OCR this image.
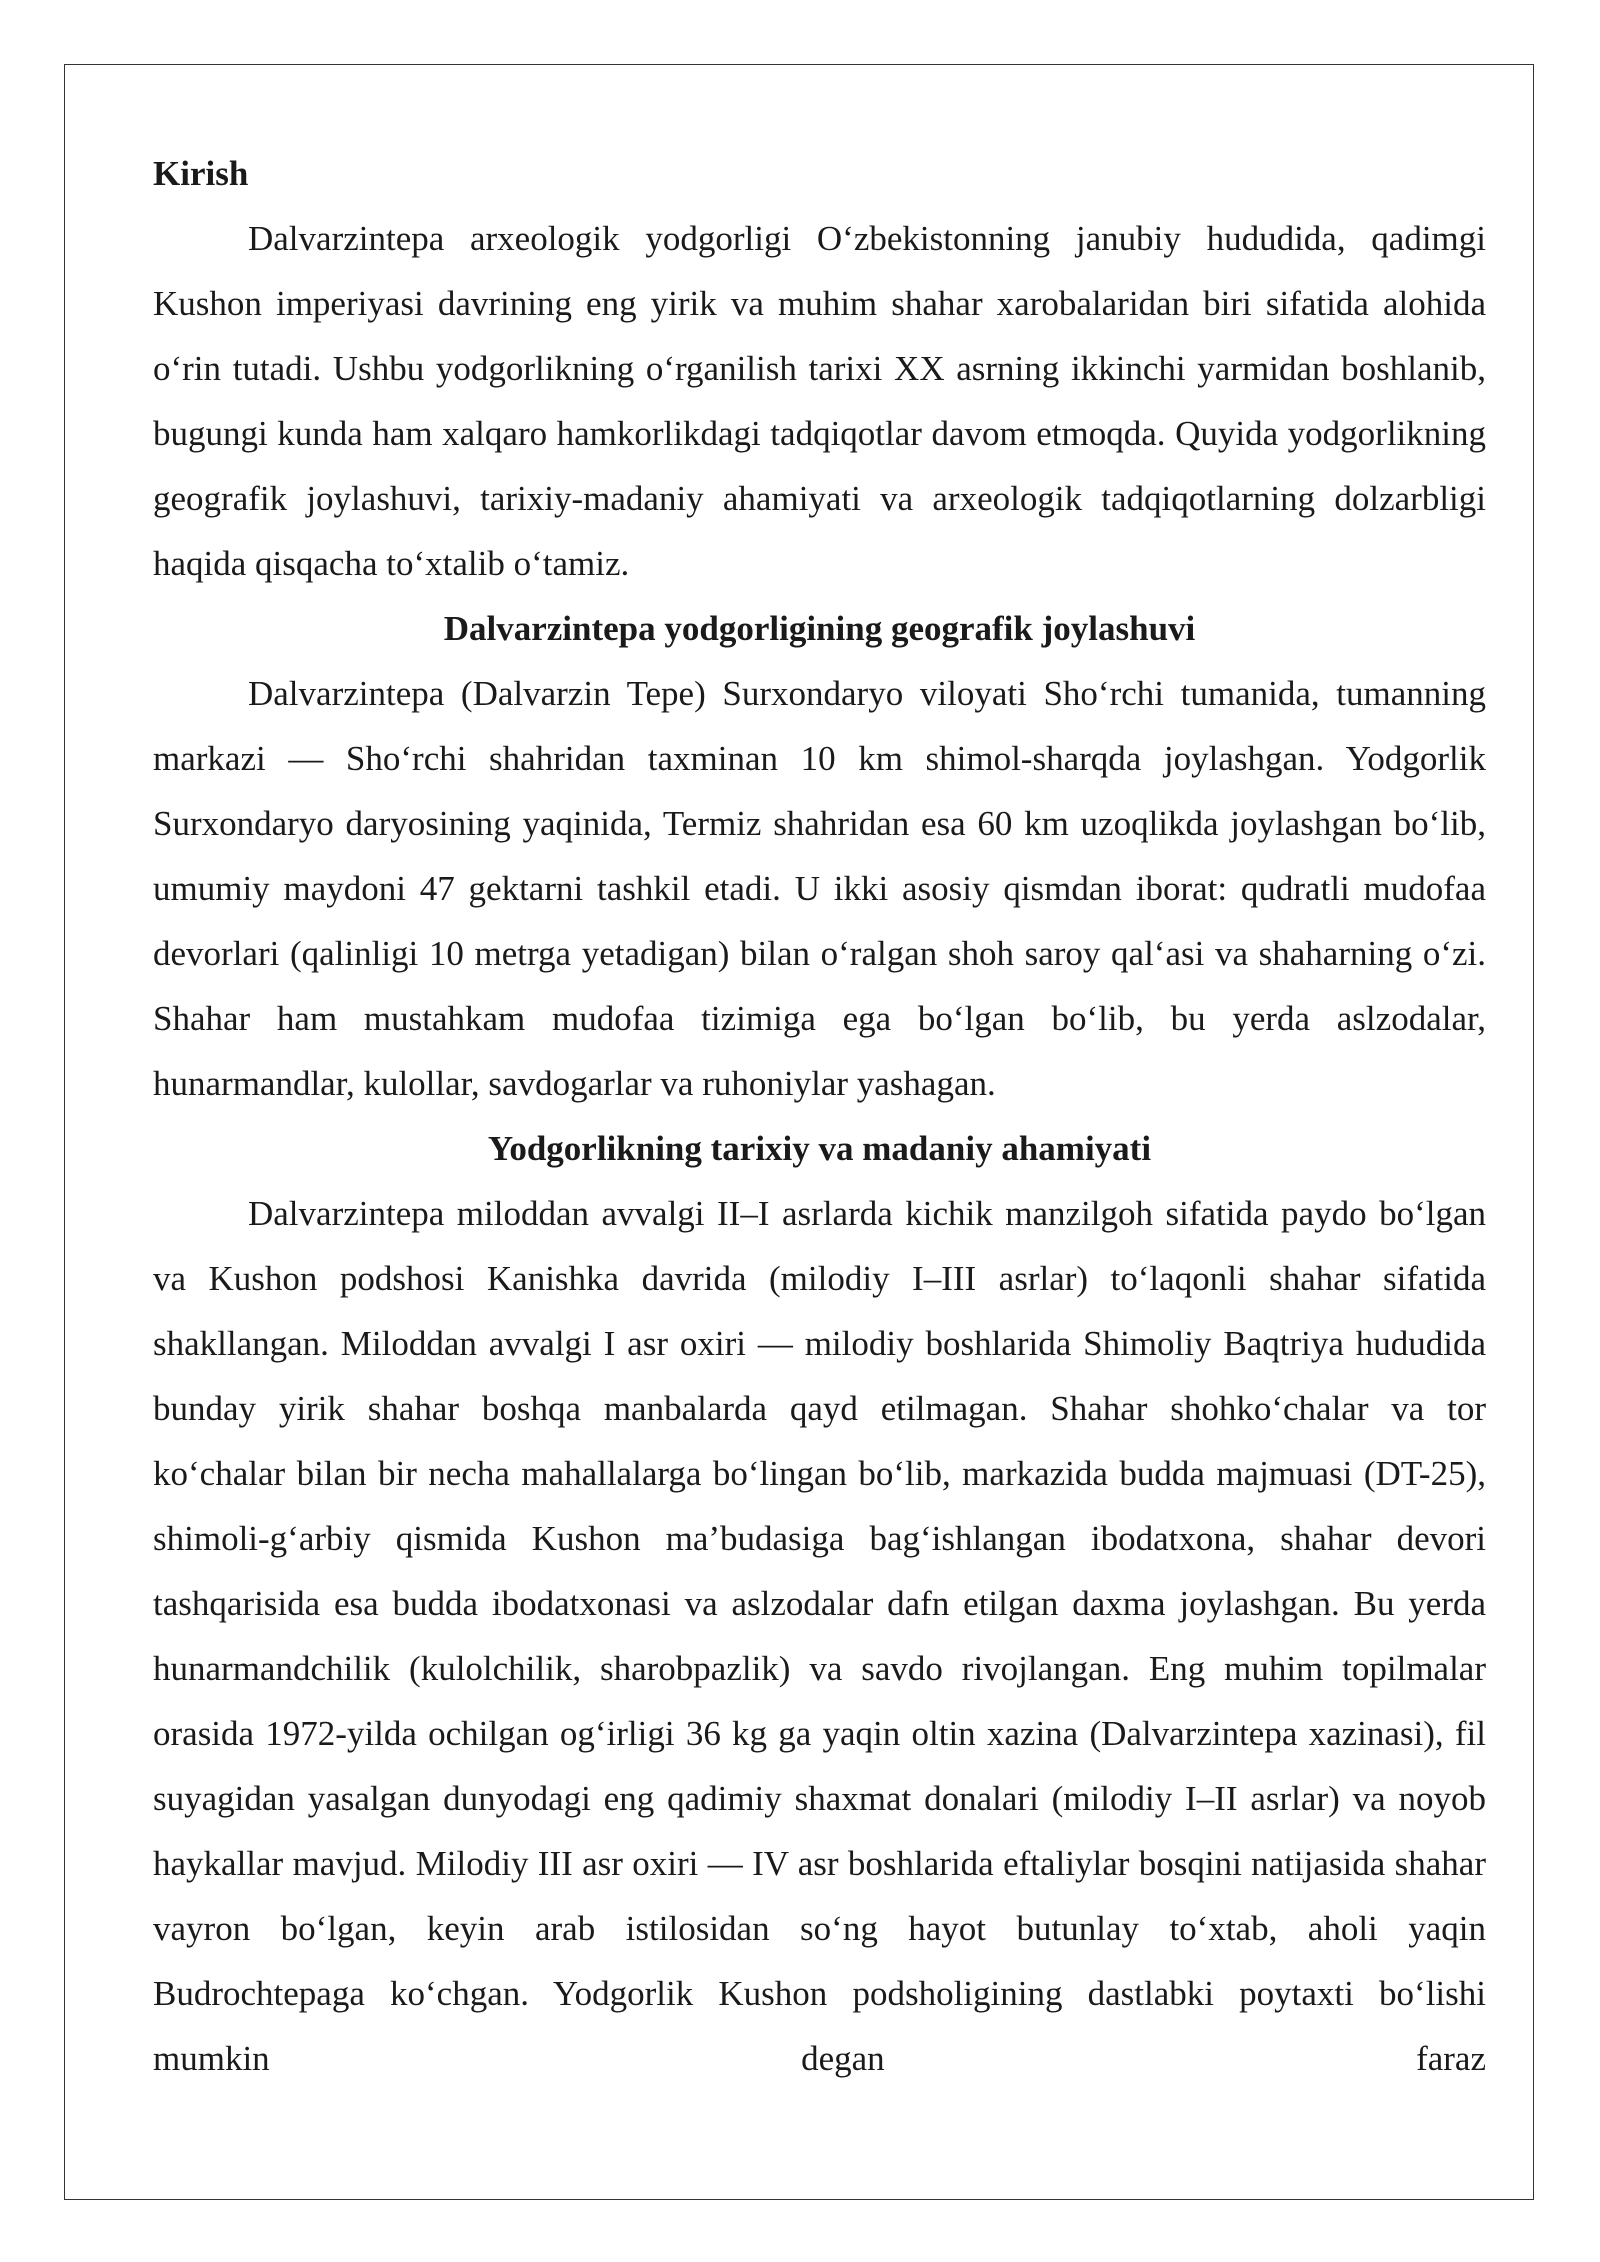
Kirish

Dalvarzintepa arxeologik yodgorligi O‘zbekistonning janubiy hududida, qadimgi Kushon imperiyasi davrining eng yirik va muhim shahar xarobalaridan biri sifatida alohida o‘rin tutadi. Ushbu yodgorlikning o‘rganilish tarixi XX asrning ikkinchi yarmidan boshlanib, bugungi kunda ham xalqaro hamkorlikdagi tadqiqotlar davom etmoqda. Quyida yodgorlikning geografik joylashuvi, tarixiy-madaniy ahamiyati va arxeologik tadqiqotlarning dolzarbligi haqida qisqacha to‘xtalib o‘tamiz.

Dalvarzintepa yodgorligining geografik joylashuvi

Dalvarzintepa (Dalvarzin Tepe) Surxondaryo viloyati Sho‘rchi tumanida, tumanning markazi — Sho‘rchi shahridan taxminan 10 km shimol-sharqda joylashgan. Yodgorlik Surxondaryo daryosining yaqinida, Termiz shahridan esa 60 km uzoqlikda joylashgan bo‘lib, umumiy maydoni 47 gektarni tashkil etadi. U ikki asosiy qismdan iborat: qudratli mudofaa devorlari (qalinligi 10 metrga yetadigan) bilan o‘ralgan shoh saroy qal‘asi va shaharning o‘zi. Shahar ham mustahkam mudofaa tizimiga ega bo‘lgan bo‘lib, bu yerda aslzodalar, hunarmandlar, kulollar, savdogarlar va ruhoniylar yashagan.

Yodgorlikning tarixiy va madaniy ahamiyati

Dalvarzintepa miloddan avvalgi II–I asrlarda kichik manzilgoh sifatida paydo bo‘lgan va Kushon podshosi Kanishka davrida (milodiy I–III asrlar) to‘laqonli shahar sifatida shakllangan. Miloddan avvalgi I asr oxiri — milodiy boshlarida Shimoliy Baqtriya hududida bunday yirik shahar boshqa manbalarda qayd etilmagan. Shahar shohko‘chalar va tor ko‘chalar bilan bir necha mahallalarga bo‘lingan bo‘lib, markazida budda majmuasi (DT-25), shimoli-g‘arbiy qismida Kushon ma’budasiga bag‘ishlangan ibodatxona, shahar devori tashqarisida esa budda ibodatxonasi va aslzodalar dafn etilgan daxma joylashgan. Bu yerda hunarmandchilik (kulolchilik, sharobpazlik) va savdo rivojlangan. Eng muhim topilmalar orasida 1972-yilda ochilgan og‘irligi 36 kg ga yaqin oltin xazina (Dalvarzintepa xazinasi), fil suyagidan yasalgan dunyodagi eng qadimiy shaxmat donalari (milodiy I–II asrlar) va noyob haykallar mavjud. Milodiy III asr oxiri — IV asr boshlarida eftaliylar bosqini natijasida shahar vayron bo‘lgan, keyin arab istilosidan so‘ng hayot butunlay to‘xtab, aholi yaqin Budrochtepaga ko‘chgan. Yodgorlik Kushon podsholigining dastlabki poytaxti bo‘lishi mumkin degan faraz
